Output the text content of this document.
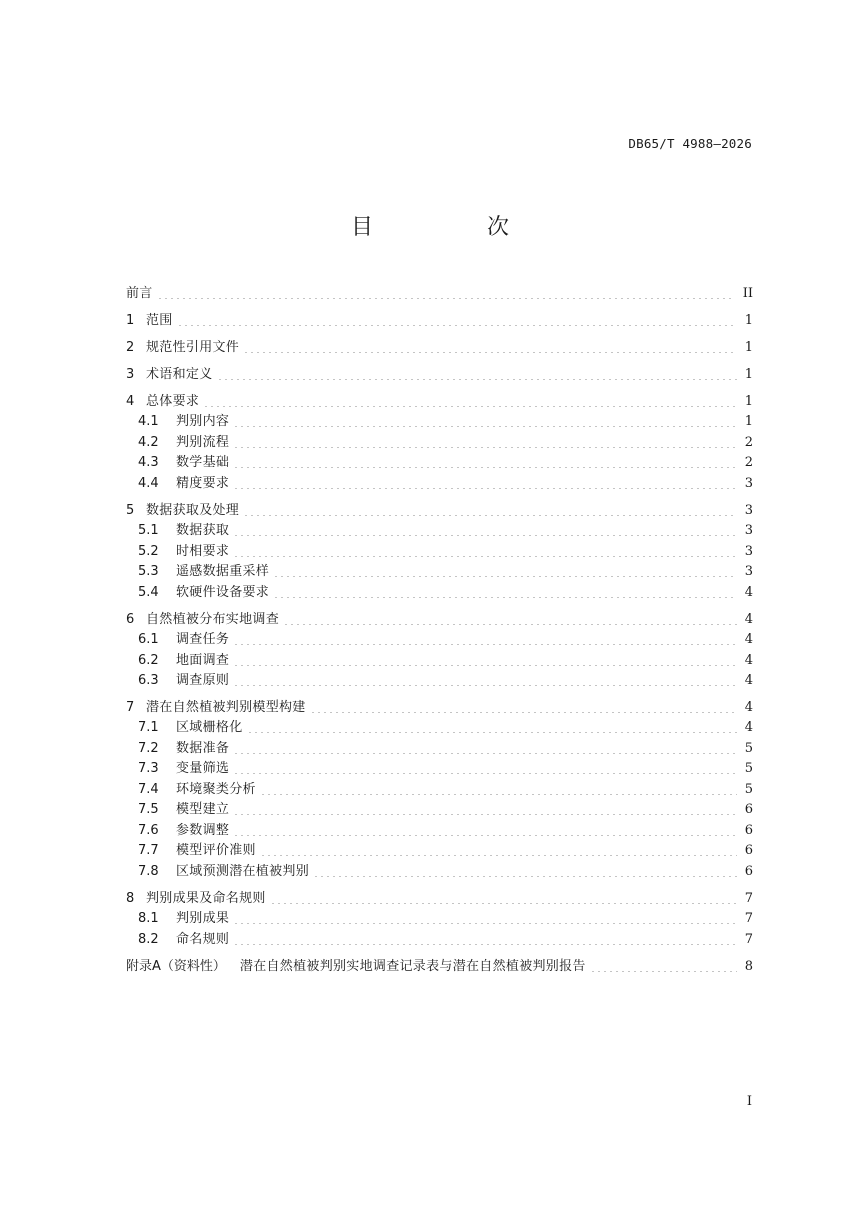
DB65/T 4988—2026
目　次
前言	II
1 范围	1
2 规范性引用文件	1
3 术语和定义	1
4 总体要求	1
4.1	判别内容	1
4.2	判别流程	2
4.3	数学基础	2
4.4	精度要求	3
5 数据获取及处理	3
5.1	数据获取	3
5.2	时相要求	3
5.3	遥感数据重采样	3
5.4	软硬件设备要求	4
6 自然植被分布实地调查	4
6.1	调查任务	4
6.2	地面调查	4
6.3	调查原则	4
7 潜在自然植被判别模型构建	4
7.1	区域栅格化	4
7.2	数据准备	5
7.3	变量筛选	5
7.4	环境聚类分析	5
7.5	模型建立	6
7.6	参数调整	6
7.7	模型评价准则	6
7.8	区域预测潜在植被判别	6
8 判别成果及命名规则	7
8.1	判别成果	7
8.2	命名规则	7
附录A（资料性） 潜在自然植被判别实地调查记录表与潜在自然植被判别报告	8
I
